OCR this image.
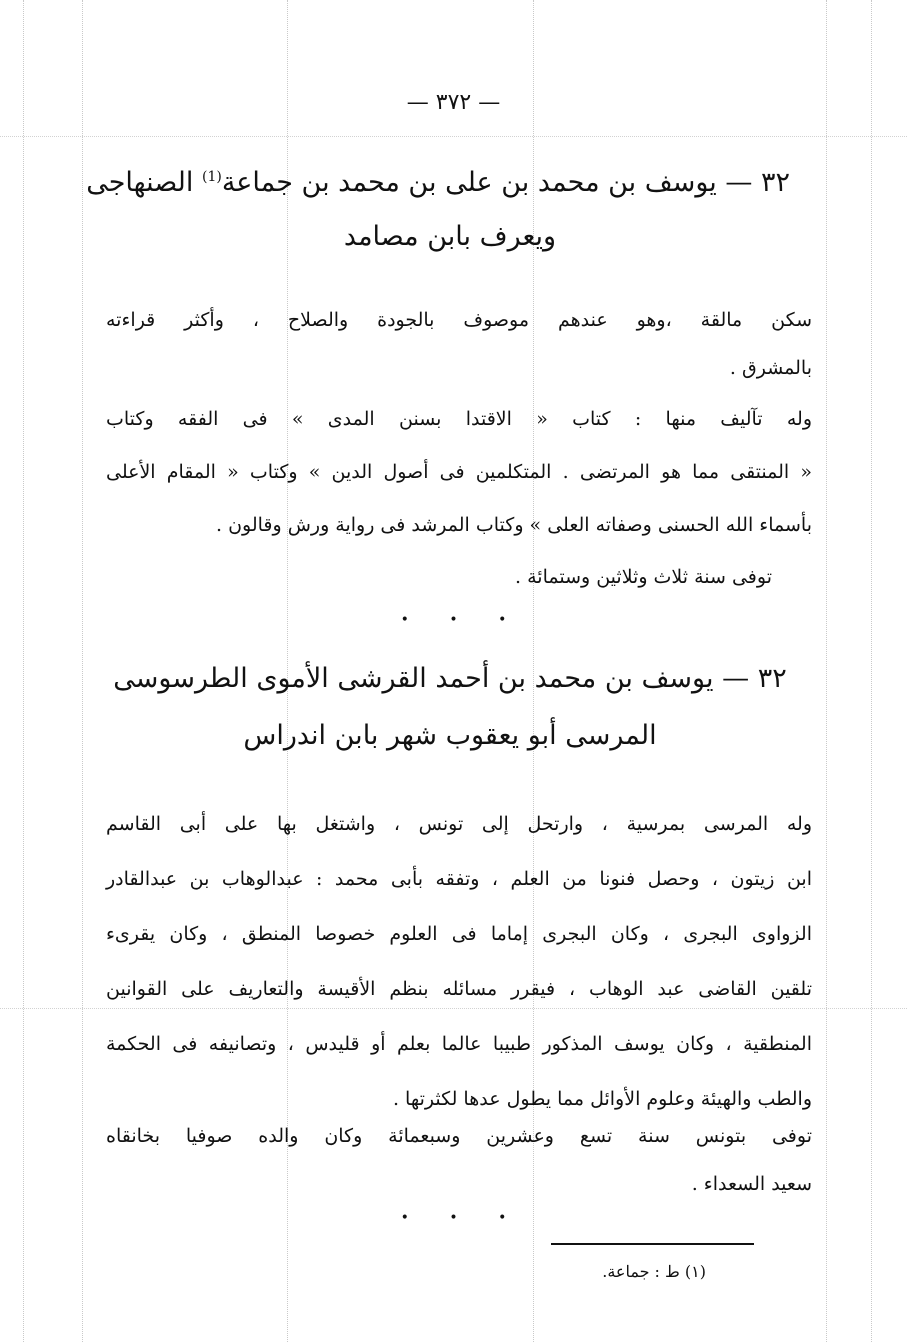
— ٣٧٢ —
٣٢ — يوسف بن محمد بن على بن محمد بن جماعة$^{(1)}$ الصنهاجى
ويعرف بابن مصامد
سكن مالقة ،وهو عندهم موصوف بالجودة والصلاح ، وأكثر قراءته
بالمشرق .
وله تآليف منها : كتاب « الاقتدا بسنن المدى » فى الفقه وكتاب
« المنتقى مما هو المرتضى . المتكلمين فى أصول الدين » وكتاب « المقام الأعلى
بأسماء الله الحسنى وصفاته العلى » وكتاب المرشد فى رواية ورش وقالون .
توفى سنة ثلاث وثلاثين وستمائة .
• • •
٣٢ — يوسف بن محمد بن أحمد القرشى الأموى الطرسوسى
المرسى أبو يعقوب شهر بابن اندراس
وله المرسى بمرسية ، وارتحل إلى تونس ، واشتغل بها على أبى القاسم
ابن زيتون ، وحصل فنونا من العلم ، وتفقه بأبى محمد : عبدالوهاب بن عبدالقادر
الزواوى البجرى ، وكان البجرى إماما فى العلوم خصوصا المنطق ، وكان يقرىء
تلقين القاضى عبد الوهاب ، فيقرر مسائله بنظم الأقيسة والتعاريف على القوانين
المنطقية ، وكان يوسف المذكور طبيبا عالما بعلم أو قليدس ، وتصانيفه فى الحكمة
والطب والهيئة وعلوم الأوائل مما يطول عدها لكثرتها .
توفى بتونس سنة تسع وعشرين وسبعمائة وكان والده صوفيا بخانقاه
سعيد السعداء .
• • •
(١) ط : جماعة.
